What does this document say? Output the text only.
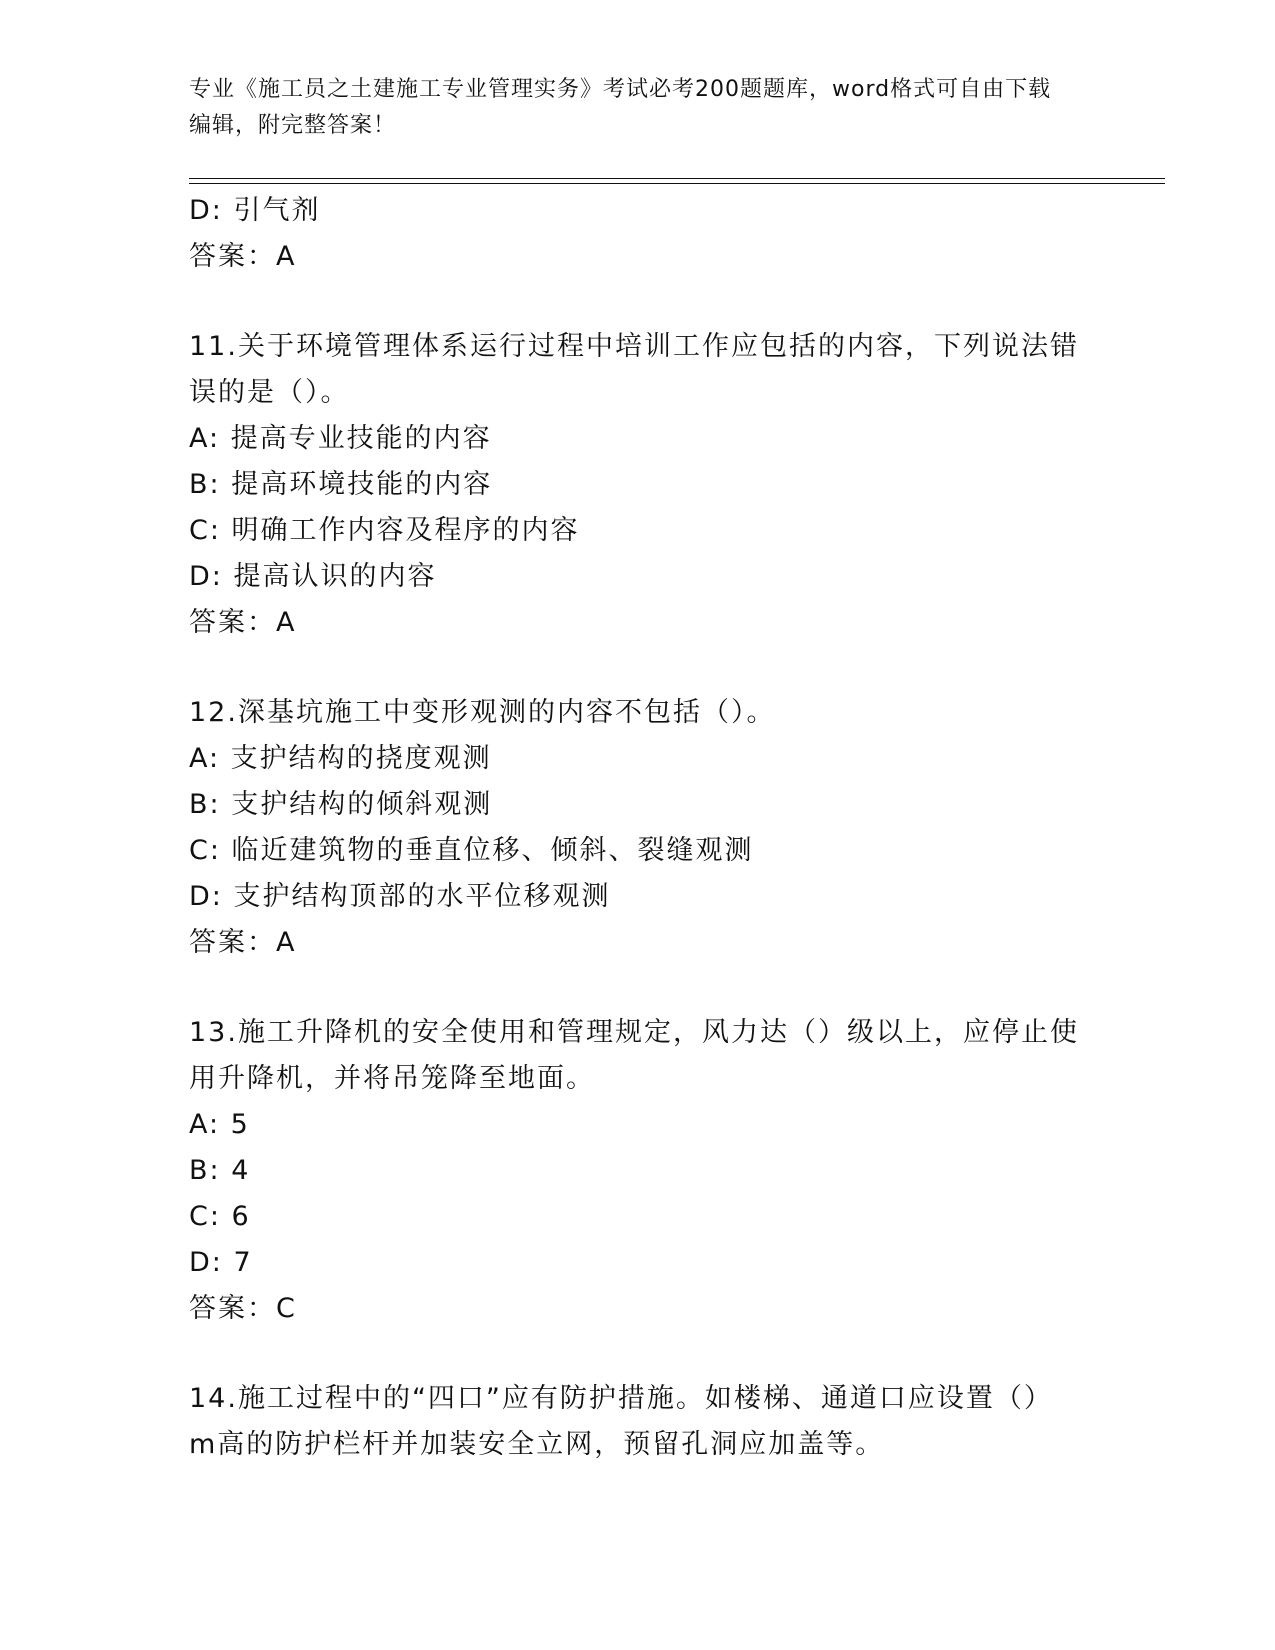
专业《施工员之土建施工专业管理实务》考试必考200题题库，word格式可自由下载编辑，附完整答案！
D: 引气剂
答案：A
11.关于环境管理体系运行过程中培训工作应包括的内容，下列说法错
误的是（）。
A: 提高专业技能的内容
B: 提高环境技能的内容
C: 明确工作内容及程序的内容
D: 提高认识的内容
答案：A
12.深基坑施工中变形观测的内容不包括（）。
A: 支护结构的挠度观测
B: 支护结构的倾斜观测
C: 临近建筑物的垂直位移、倾斜、裂缝观测
D: 支护结构顶部的水平位移观测
答案：A
13.施工升降机的安全使用和管理规定，风力达（）级以上，应停止使
用升降机，并将吊笼降至地面。
A: 5
B: 4
C: 6
D: 7
答案：C
14.施工过程中的“四口”应有防护措施。如楼梯、通道口应设置（）
m高的防护栏杆并加装安全立网，预留孔洞应加盖等。
